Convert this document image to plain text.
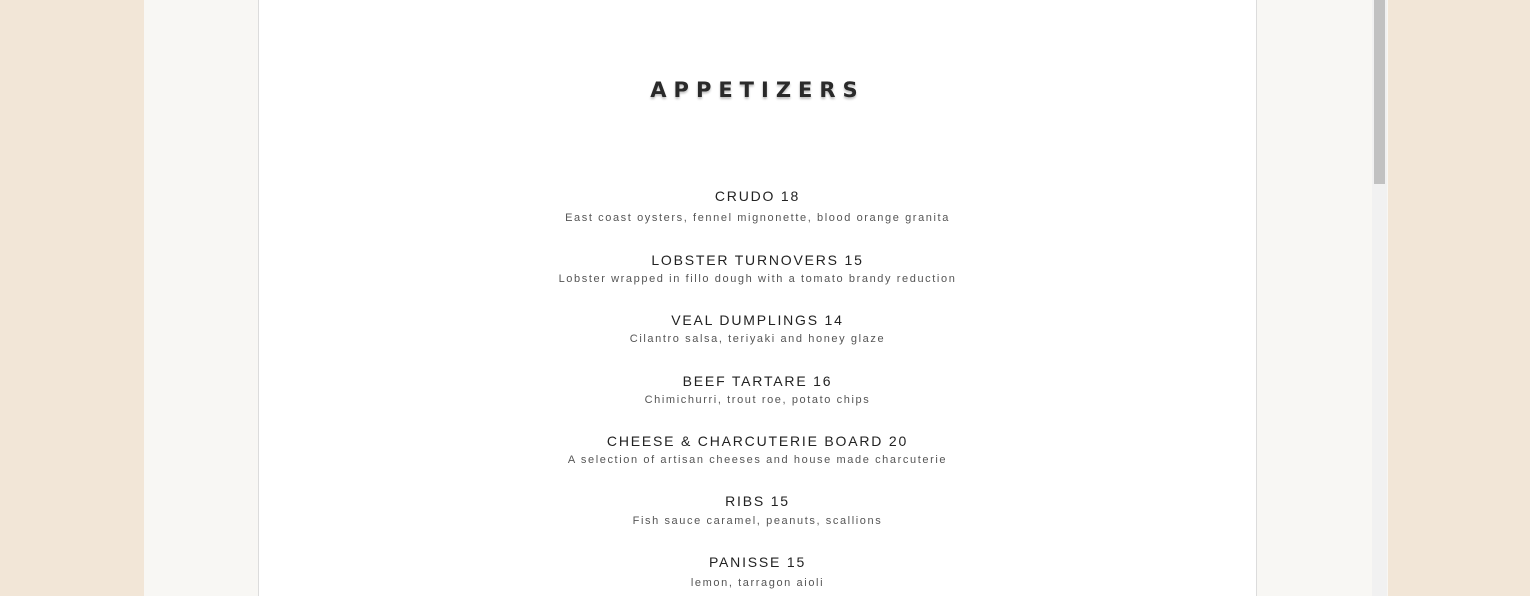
APPETIZERS
CRUDO 18
East coast oysters, fennel mignonette, blood orange granita
LOBSTER TURNOVERS 15
Lobster wrapped in fillo dough with a tomato brandy reduction
VEAL DUMPLINGS 14
Cilantro salsa, teriyaki and honey glaze
BEEF TARTARE 16
Chimichurri, trout roe, potato chips
CHEESE & CHARCUTERIE BOARD 20
A selection of artisan cheeses and house made charcuterie
RIBS 15
Fish sauce caramel, peanuts, scallions
PANISSE 15
lemon, tarragon aioli
